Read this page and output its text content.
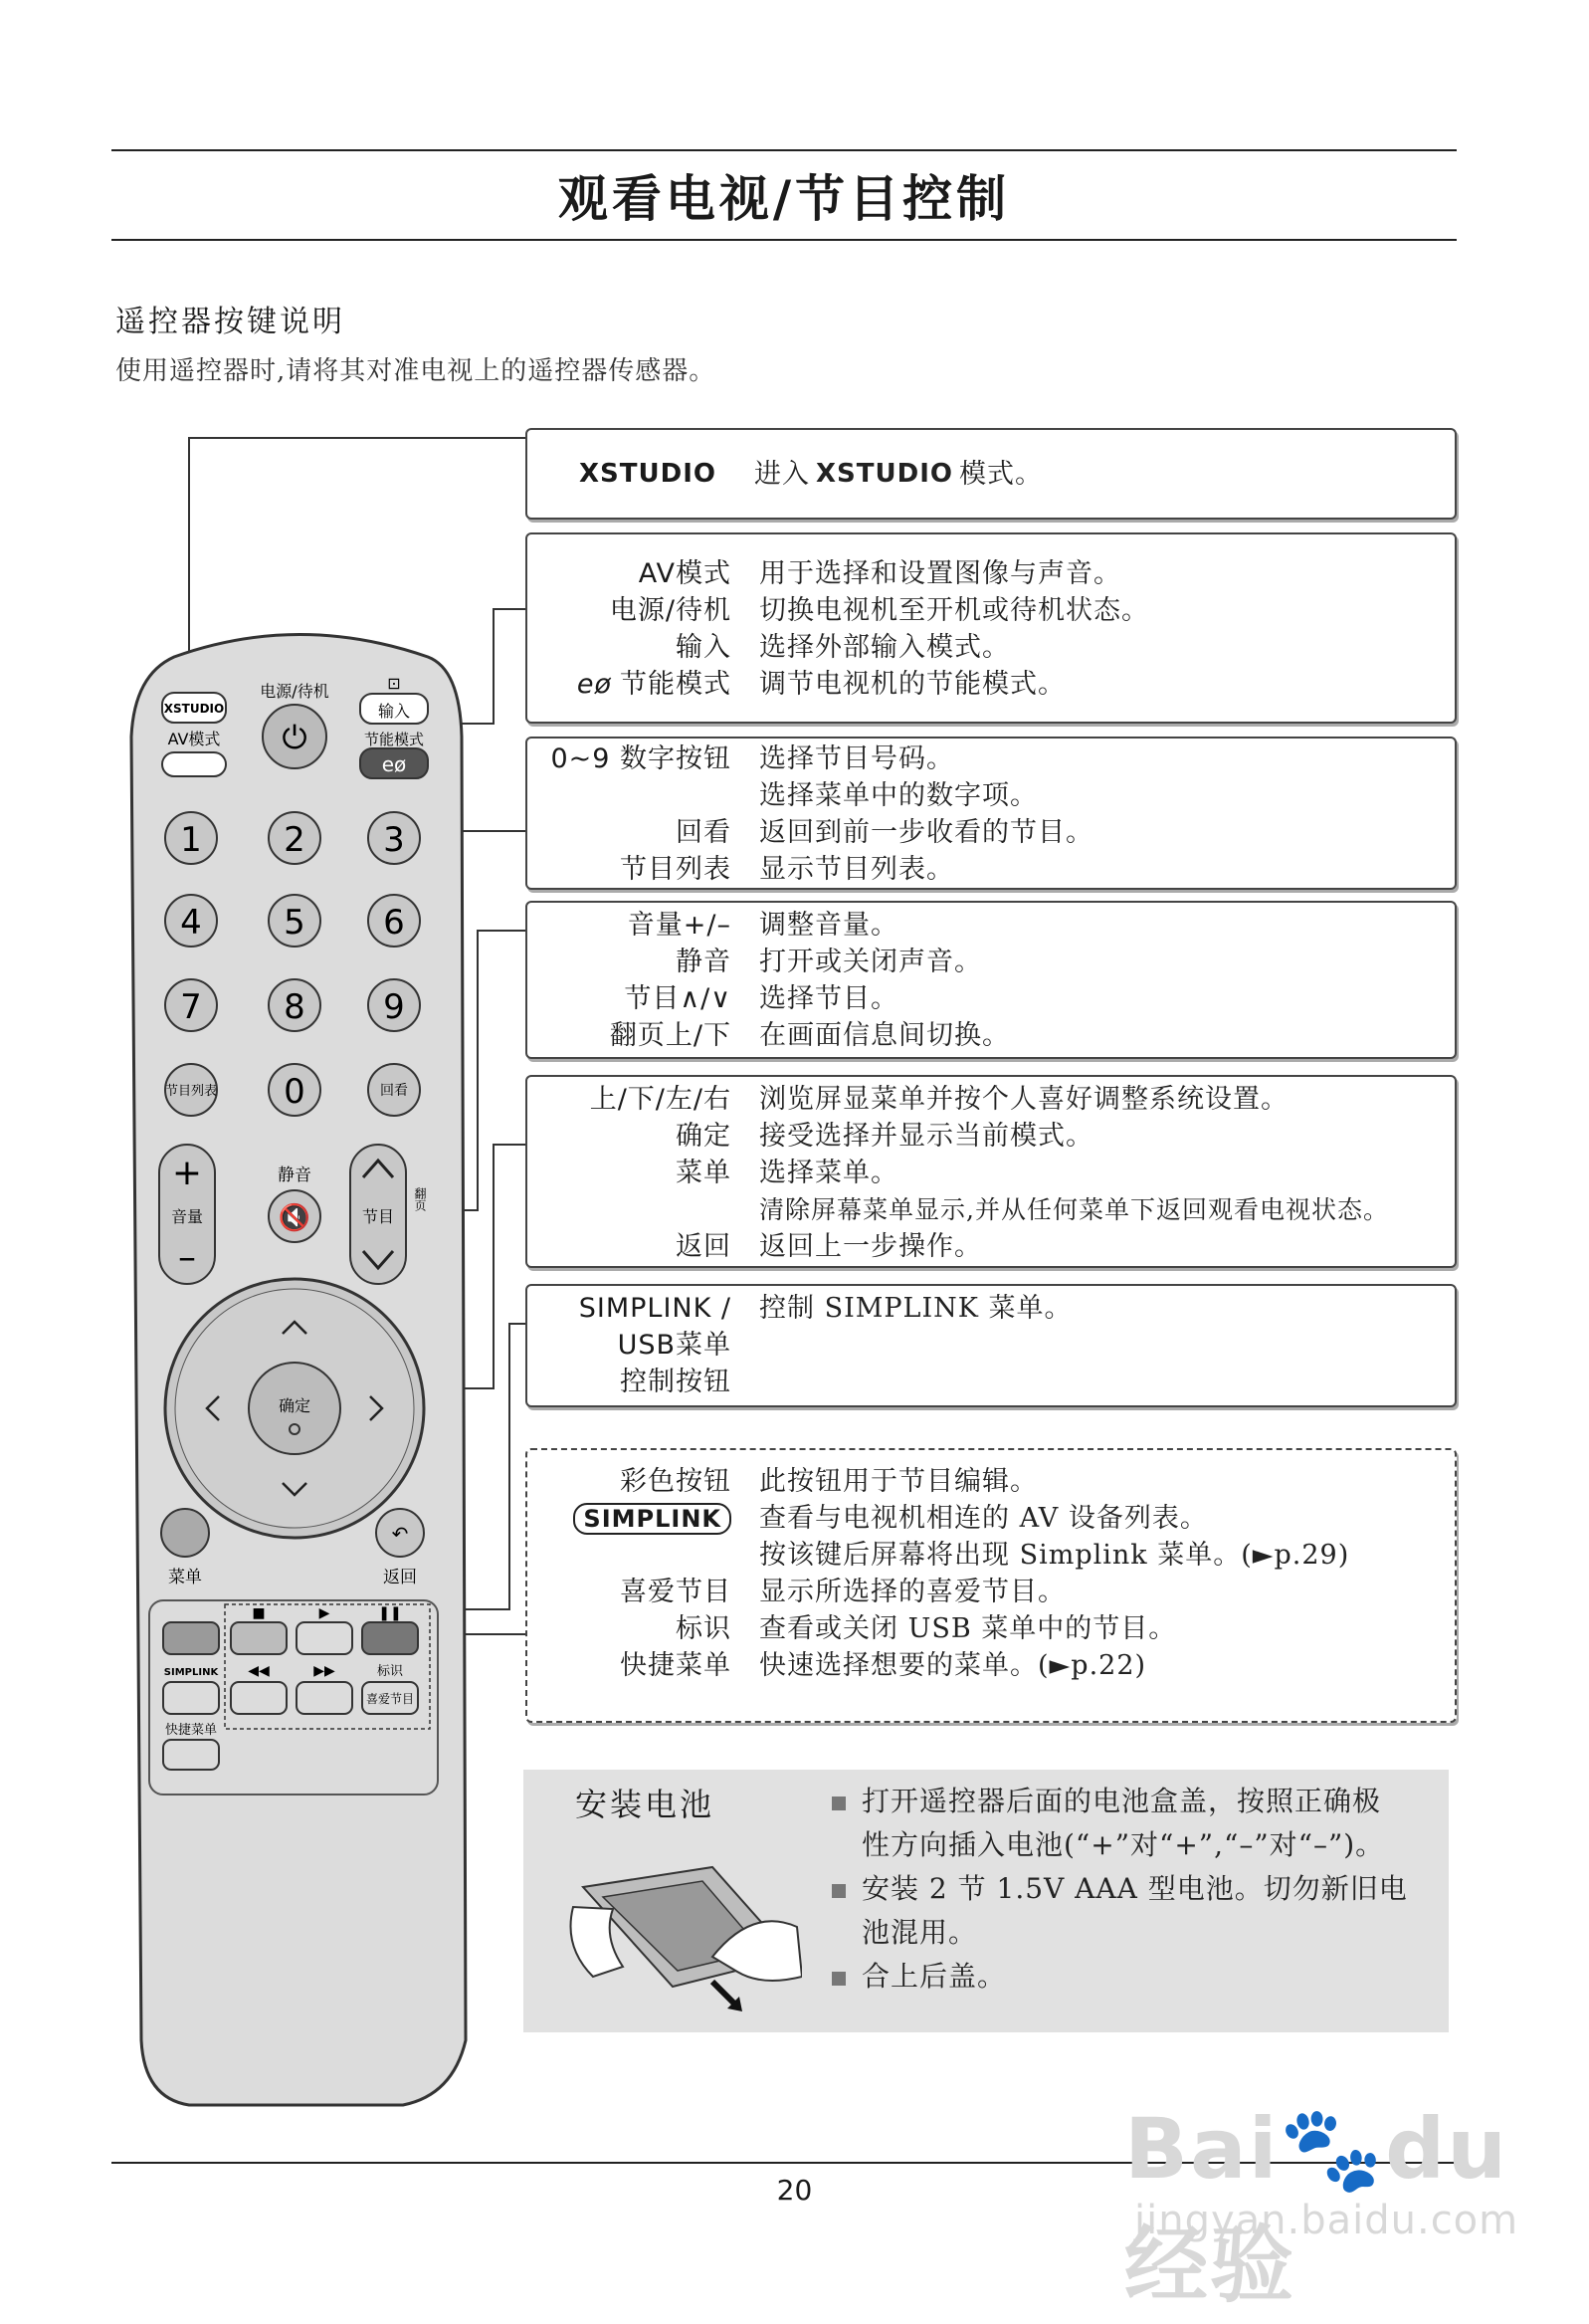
观看电视/节目控制
遥控器按键说明
使用遥控器时,请将其对准电视上的遥控器传感器。
XSTUDIO
AV模式
电源/待机
⏻
⊡
输入
节能模式
eø
1 2 3
4 5 6
7 8 9
0
节目列表	回看
+
音量
–
静音
🔇	节目
翻页
确定
菜单
↶
返回
■	▶	❚❚
SIMPLINK ◀◀	▶▶	标识
喜爱节目
快捷菜单
XSTUDIO	进入 XSTUDIO 模式。
AV模式	用于选择和设置图像与声音。
电源/待机	切换电视机至开机或待机状态。
输入	选择外部输入模式。
eø 节能模式	调节电视机的节能模式。
0~9 数字按钮	选择节目号码。
选择菜单中的数字项。
回看	返回到前一步收看的节目。
节目列表	显示节目列表。
音量+/–	调整音量。
静音	打开或关闭声音。
节目∧/∨	选择节目。
翻页上/下	在画面信息间切换。
上/下/左/右	浏览屏显菜单并按个人喜好调整系统设置。
确定	接受选择并显示当前模式。
菜单	选择菜单。
清除屏幕菜单显示,并从任何菜单下返回观看电视状态。
返回	返回上一步操作。
SIMPLINK /	控制 SIMPLINK 菜单。
USB菜单
控制按钮
彩色按钮	此按钮用于节目编辑。
SIMPLINK	查看与电视机相连的 AV 设备列表。
按该键后屏幕将出现 Simplink 菜单。(►p.29)
喜爱节目	显示所选择的喜爱节目。
标识	查看或关闭 USB 菜单中的节目。
快捷菜单	快速选择想要的菜单。(►p.22)
安装电池	打开遥控器后面的电池盒盖，按照正确极
性方向插入电池(“+”对“+”,“–”对“–”)。
安装 2 节 1.5V AAA 型电池。切勿新旧电
池混用。
合上后盖。
20	Bai🐾du经验
jingyan.baidu.com
